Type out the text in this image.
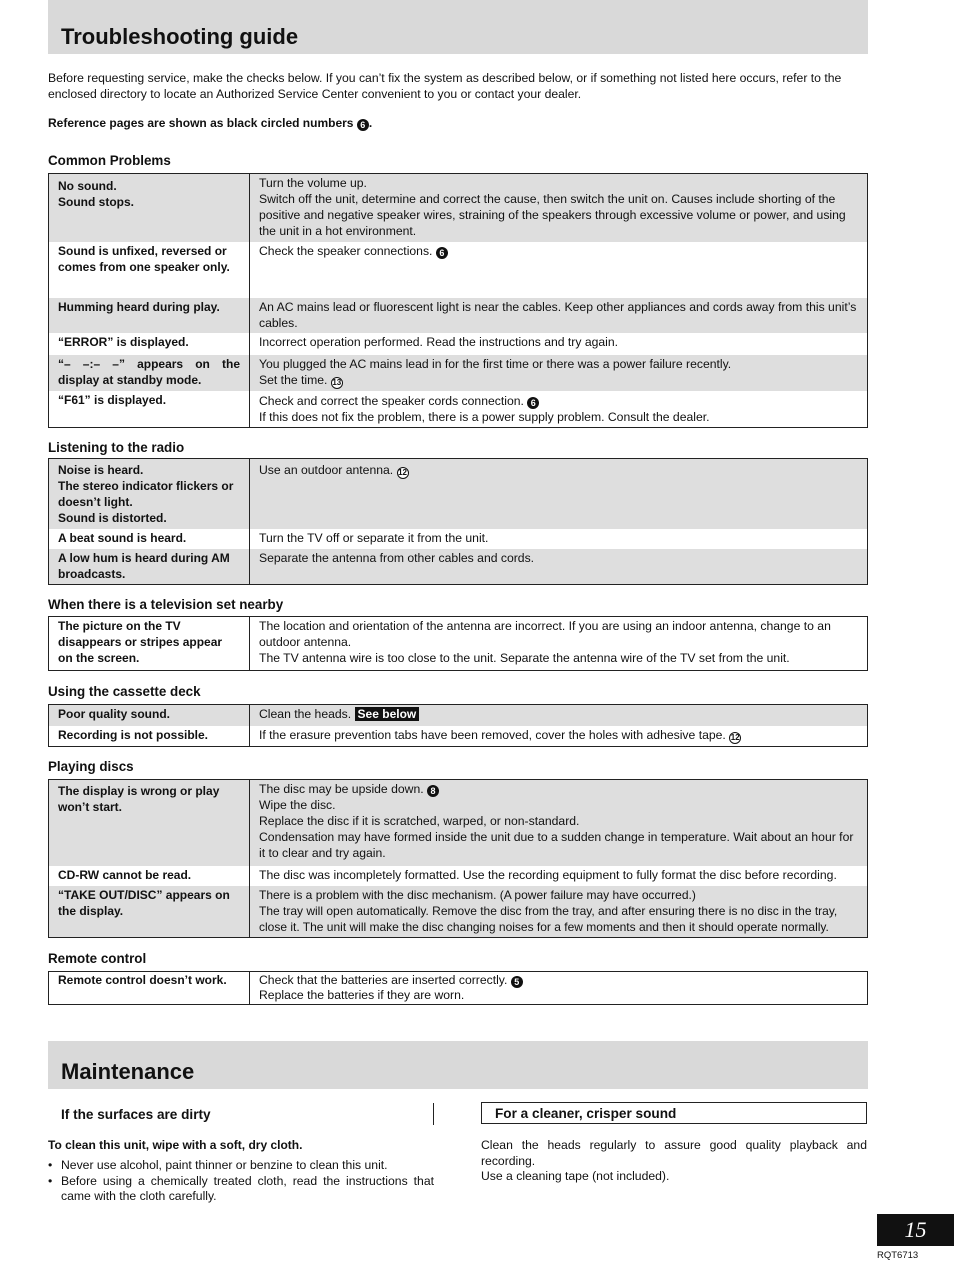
Troubleshooting guide
Before requesting service, make the checks below. If you can’t fix the system as described below, or if something not listed here occurs, refer to the enclosed directory to locate an Authorized Service Center convenient to you or contact your dealer.
Reference pages are shown as black circled numbers 6 .
Common Problems
No sound.
Sound stops.	Turn the volume up.
Switch off the unit, determine and correct the cause, then switch the unit on. Causes include shorting of the positive and negative speaker wires, straining of the speakers through excessive volume or power, and using the unit in a hot environment.
Sound is unfixed, reversed or comes from one speaker only.	Check the speaker connections. 6
Humming heard during play.	An AC mains lead or fluorescent light is near the cables. Keep other appliances and cords away from this unit’s cables.
“ERROR” is displayed.	Incorrect operation performed. Read the instructions and try again.
“– –:– –” appears on the display at standby mode.	You plugged the AC mains lead in for the first time or there was a power failure recently.
Set the time. 13
“F61” is displayed.	Check and correct the speaker cords connection. 6
If this does not fix the problem, there is a power supply problem. Consult the dealer.
Listening to the radio
Noise is heard.
The stereo indicator flickers or doesn’t light.
Sound is distorted.	Use an outdoor antenna. 12
A beat sound is heard.	Turn the TV off or separate it from the unit.
A low hum is heard during AM broadcasts.	Separate the antenna from other cables and cords.
When there is a television set nearby
The picture on the TV disappears or stripes appear on the screen.	The location and orientation of the antenna are incorrect. If you are using an indoor antenna, change to an outdoor antenna.
The TV antenna wire is too close to the unit. Separate the antenna wire of the TV set from the unit.
Using the cassette deck
Poor quality sound.	Clean the heads. See below
Recording is not possible.	If the erasure prevention tabs have been removed, cover the holes with adhesive tape. 12
Playing discs
The display is wrong or play won’t start.	The disc may be upside down. 8
Wipe the disc.
Replace the disc if it is scratched, warped, or non-standard.
Condensation may have formed inside the unit due to a sudden change in temperature. Wait about an hour for it to clear and try again.
CD-RW cannot be read.	The disc was incompletely formatted. Use the recording equipment to fully format the disc before recording.
“TAKE OUT/DISC” appears on the display.	There is a problem with the disc mechanism. (A power failure may have occurred.)
The tray will open automatically. Remove the disc from the tray, and after ensuring there is no disc in the tray, close it. The unit will make the disc changing noises for a few moments and then it should operate normally.
Remote control
Remote control doesn’t work.	Check that the batteries are inserted correctly. 5
Replace the batteries if they are worn.
Maintenance
If the surfaces are dirty	For a cleaner, crisper sound
To clean this unit, wipe with a soft, dry cloth.
• Never use alcohol, paint thinner or benzine to clean this unit.
• Before using a chemically treated cloth, read the instructions that came with the cloth carefully.
Clean the heads regularly to assure good quality playback and recording.
Use a cleaning tape (not included).
15
RQT6713
